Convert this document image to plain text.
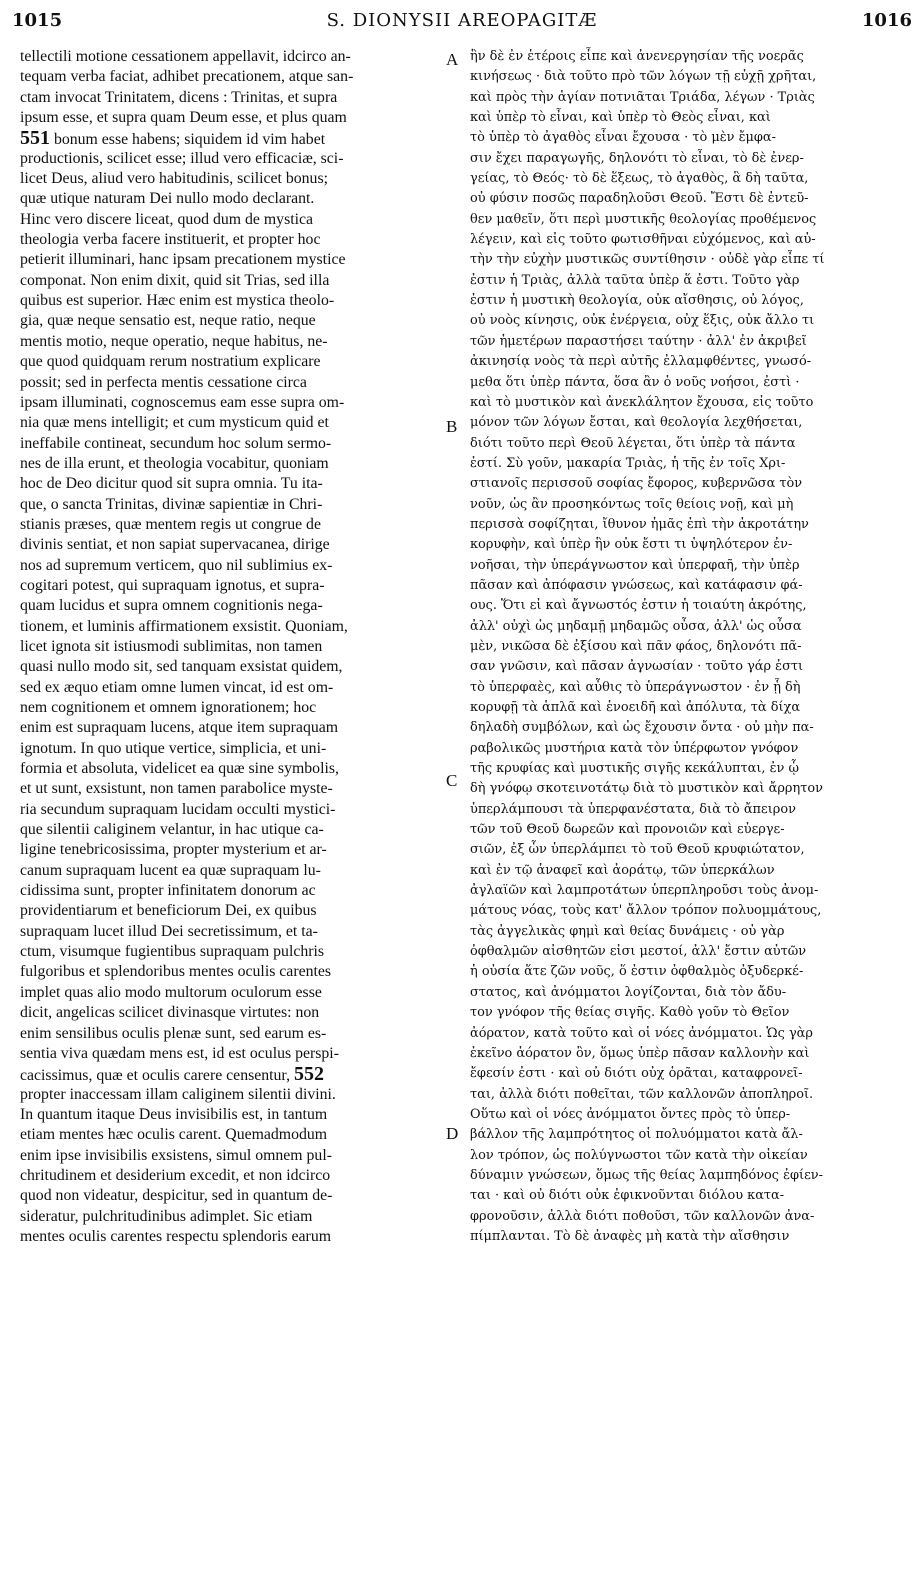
1015	S. DIONYSII AREOPAGITÆ	1016
tellectili motione cessationem appellavit, idcirco an-
tequam verba faciat, adhibet precationem, atque san-
ctam invocat Trinitatem, dicens : Trinitas, et supra
ipsum esse, et supra quam Deum esse, et plus quam
551 bonum esse habens; siquidem id vim habet
productionis, scilicet esse; illud vero efficaciæ, sci-
licet Deus, aliud vero habitudinis, scilicet bonus;
quæ utique naturam Dei nullo modo declarant.
Hinc vero discere liceat, quod dum de mystica
theologia verba facere instituerit, et propter hoc
petierit illuminari, hanc ipsam precationem mystice
componat. Non enim dixit, quid sit Trias, sed illa
quibus est superior. Hæc enim est mystica theolo-
gia, quæ neque sensatio est, neque ratio, neque
mentis motio, neque operatio, neque habitus, ne-
que quod quidquam rerum nostratium explicare
possit; sed in perfecta mentis cessatione circa
ipsam illuminati, cognoscemus eam esse supra om-
nia quæ mens intelligit; et cum mysticum quid et
ineffabile contineat, secundum hoc solum sermo-
nes de illa erunt, et theologia vocabitur, quoniam
hoc de Deo dicitur quod sit supra omnia. Tu ita-
que, o sancta Trinitas, divinæ sapientiæ in Chri-
stianis præses, quæ mentem regis ut congrue de
divinis sentiat, et non sapiat supervacanea, dirige
nos ad supremum verticem, quo nil sublimius ex-
cogitari potest, qui supraquam ignotus, et supra-
quam lucidus et supra omnem cognitionis nega-
tionem, et luminis affirmationem exsistit. Quoniam,
licet ignota sit istiusmodi sublimitas, non tamen
quasi nullo modo sit, sed tanquam exsistat quidem,
sed ex æquo etiam omne lumen vincat, id est om-
nem cognitionem et omnem ignorationem; hoc
enim est supraquam lucens, atque item supraquam
ignotum. In quo utique vertice, simplicia, et uni-
formia et absoluta, videlicet ea quæ sine symbolis,
et ut sunt, exsistunt, non tamen parabolice myste-
ria secundum supraquam lucidam occulti mystici-
que silentii caliginem velantur, in hac utique ca-
ligine tenebricosissima, propter mysterium et ar-
canum supraquam lucent ea quæ supraquam lu-
cidissima sunt, propter infinitatem donorum ac
providentiarum et beneficiorum Dei, ex quibus
supraquam lucet illud Dei secretissimum, et ta-
ctum, visumque fugientibus supraquam pulchris
fulgoribus et splendoribus mentes oculis carentes
implet quas alio modo multorum oculorum esse
dicit, angelicas scilicet divinasque virtutes: non
enim sensilibus oculis plenæ sunt, sed earum es-
sentia viva quædam mens est, id est oculus perspi-
cacissimus, quæ et oculis carere censentur, 552
propter inaccessam illam caliginem silentii divini.
In quantum itaque Deus invisibilis est, in tantum
etiam mentes hæc oculis carent. Quemadmodum
enim ipse invisibilis exsistens, simul omnem pul-
chritudinem et desiderium excedit, et non idcirco
quod non videatur, despicitur, sed in quantum de-
sideratur, pulchritudinibus adimplet. Sic etiam
mentes oculis carentes respectu splendoris earum
ἣν δὲ ἐν ἑτέροις εἶπε καὶ ἀνενεργησίαν τῆς νοερᾶς
κινήσεως · διὰ τοῦτο πρὸ τῶν λόγων τῇ εὐχῇ χρῆται,
καὶ πρὸς τὴν ἁγίαν ποτνιᾶται Τριάδα, λέγων · Τριὰς
καὶ ὑπὲρ τὸ εἶναι, καὶ ὑπὲρ τὸ Θεὸς εἶναι, καὶ
τὸ ὑπὲρ τὸ ἀγαθὸς εἶναι ἔχουσα · τὸ μὲν ἔμφα-
σιν ἔχει παραγωγῆς, δηλονότι τὸ εἶναι, τὸ δὲ ἐνερ-
γείας, τὸ Θεός· τὸ δὲ ἕξεως, τὸ ἀγαθὸς, ἃ δὴ ταῦτα,
οὐ φύσιν ποσῶς παραδηλοῦσι Θεοῦ. Ἔστι δὲ ἐντεῦ-
θεν μαθεῖν, ὅτι περὶ μυστικῆς θεολογίας προθέμενος
λέγειν, καὶ εἰς τοῦτο φωτισθῆναι εὐχόμενος, καὶ αὐ-
τὴν τὴν εὐχὴν μυστικῶς συντίθησιν · οὐδὲ γὰρ εἶπε τί
ἐστιν ἡ Τριὰς, ἀλλὰ ταῦτα ὑπὲρ ἅ ἐστι. Τοῦτο γὰρ
ἐστιν ἡ μυστικὴ θεολογία, οὐκ αἴσθησις, οὐ λόγος,
οὐ νοὸς κίνησις, οὐκ ἐνέργεια, οὐχ ἕξις, οὐκ ἄλλο τι
τῶν ἡμετέρων παραστήσει ταύτην · ἀλλ' ἐν ἀκριβεῖ
ἀκινησίᾳ νοὸς τὰ περὶ αὐτῆς ἐλλαμφθέντες, γνωσό-
μεθα ὅτι ὑπὲρ πάντα, ὅσα ἂν ὁ νοῦς νοήσοι, ἐστὶ ·
καὶ τὸ μυστικὸν καὶ ἀνεκλάλητον ἔχουσα, εἰς τοῦτο
μόνον τῶν λόγων ἔσται, καὶ θεολογία λεχθήσεται,
διότι τοῦτο περὶ Θεοῦ λέγεται, ὅτι ὑπὲρ τὰ πάντα
ἐστί. Σὺ γοῦν, μακαρία Τριὰς, ἡ τῆς ἐν τοῖς Χρι-
στιανοῖς περισσοῦ σοφίας ἔφορος, κυβερνῶσα τὸν
νοῦν, ὡς ἂν προσηκόντως τοῖς θείοις νοῇ, καὶ μὴ
περισσὰ σοφίζηται, ἴθυνον ἡμᾶς ἐπὶ τὴν ἀκροτάτην
κορυφὴν, καὶ ὑπὲρ ἣν οὐκ ἔστι τι ὑψηλότερον ἐν-
νοῆσαι, τὴν ὑπεράγνωστον καὶ ὑπερφαῆ, τὴν ὑπὲρ
πᾶσαν καὶ ἀπόφασιν γνώσεως, καὶ κατάφασιν φά-
ους. Ὅτι εἰ καὶ ἄγνωστός ἐστιν ἡ τοιαύτη ἀκρότης,
ἀλλ' οὐχὶ ὡς μηδαμῇ μηδαμῶς οὖσα, ἀλλ' ὡς οὖσα
μὲν, νικῶσα δὲ ἐξίσου καὶ πᾶν φάος, δηλονότι πᾶ-
σαν γνῶσιν, καὶ πᾶσαν ἀγνωσίαν · τοῦτο γάρ ἐστι
τὸ ὑπερφαὲς, καὶ αὖθις τὸ ὑπεράγνωστον · ἐν ᾗ δὴ
κορυφῇ τὰ ἁπλᾶ καὶ ἑνοειδῆ καὶ ἀπόλυτα, τὰ δίχα
δηλαδὴ συμβόλων, καὶ ὡς ἔχουσιν ὄντα · οὐ μὴν πα-
ραβολικῶς μυστήρια κατὰ τὸν ὑπέρφωτον γνόφον
τῆς κρυφίας καὶ μυστικῆς σιγῆς κεκάλυπται, ἐν ᾧ
δὴ γνόφῳ σκοτεινοτάτῳ διὰ τὸ μυστικὸν καὶ ἄρρητον
ὑπερλάμπουσι τὰ ὑπερφανέστατα, διὰ τὸ ἄπειρον
τῶν τοῦ Θεοῦ δωρεῶν καὶ προνοιῶν καὶ εὐεργε-
σιῶν, ἐξ ὧν ὑπερλάμπει τὸ τοῦ Θεοῦ κρυφιώτατον,
καὶ ἐν τῷ ἀναφεῖ καὶ ἀοράτῳ, τῶν ὑπερκάλων
ἀγλαϊῶν καὶ λαμπροτάτων ὑπερπληροῦσι τοὺς ἀνομ-
μάτους νόας, τοὺς κατ' ἄλλον τρόπον πολυομμάτους,
τὰς ἀγγελικὰς φημὶ καὶ θείας δυνάμεις · οὐ γὰρ
ὀφθαλμῶν αἰσθητῶν εἰσι μεστοί, ἀλλ' ἔστιν αὐτῶν
ἡ οὐσία ἅτε ζῶν νοῦς, ὅ ἐστιν ὀφθαλμὸς ὀξυδερκέ-
στατος, καὶ ἀνόμματοι λογίζονται, διὰ τὸν ἄδυ-
τον γνόφον τῆς θείας σιγῆς. Καθὸ γοῦν τὸ Θεῖον
ἀόρατον, κατὰ τοῦτο καὶ οἱ νόες ἀνόμματοι. Ὡς γὰρ
ἐκεῖνο ἀόρατον ὂν, ὅμως ὑπὲρ πᾶσαν καλλονὴν καὶ
ἔφεσίν ἐστι · καὶ οὐ διότι οὐχ ὁρᾶται, καταφρονεῖ-
ται, ἀλλὰ διότι ποθεῖται, τῶν καλλονῶν ἀποπληροῖ.
Οὕτω καὶ οἱ νόες ἀνόμματοι ὄντες πρὸς τὸ ὑπερ-
βάλλον τῆς λαμπρότητος οἱ πολυόμματοι κατὰ ἄλ-
λον τρόπον, ὡς πολύγνωστοι τῶν κατὰ τὴν οἰκείαν
δύναμιν γνώσεων, ὅμως τῆς θείας λαμπηδόνος ἐφίεν-
ται · καὶ οὐ διότι οὐκ ἐφικνοῦνται διόλου κατα-
φρονοῦσιν, ἀλλὰ διότι ποθοῦσι, τῶν καλλονῶν ἀνα-
πίμπλανται. Τὸ δὲ ἀναφὲς μὴ κατὰ τὴν αἴσθησιν
A
B
C
D
